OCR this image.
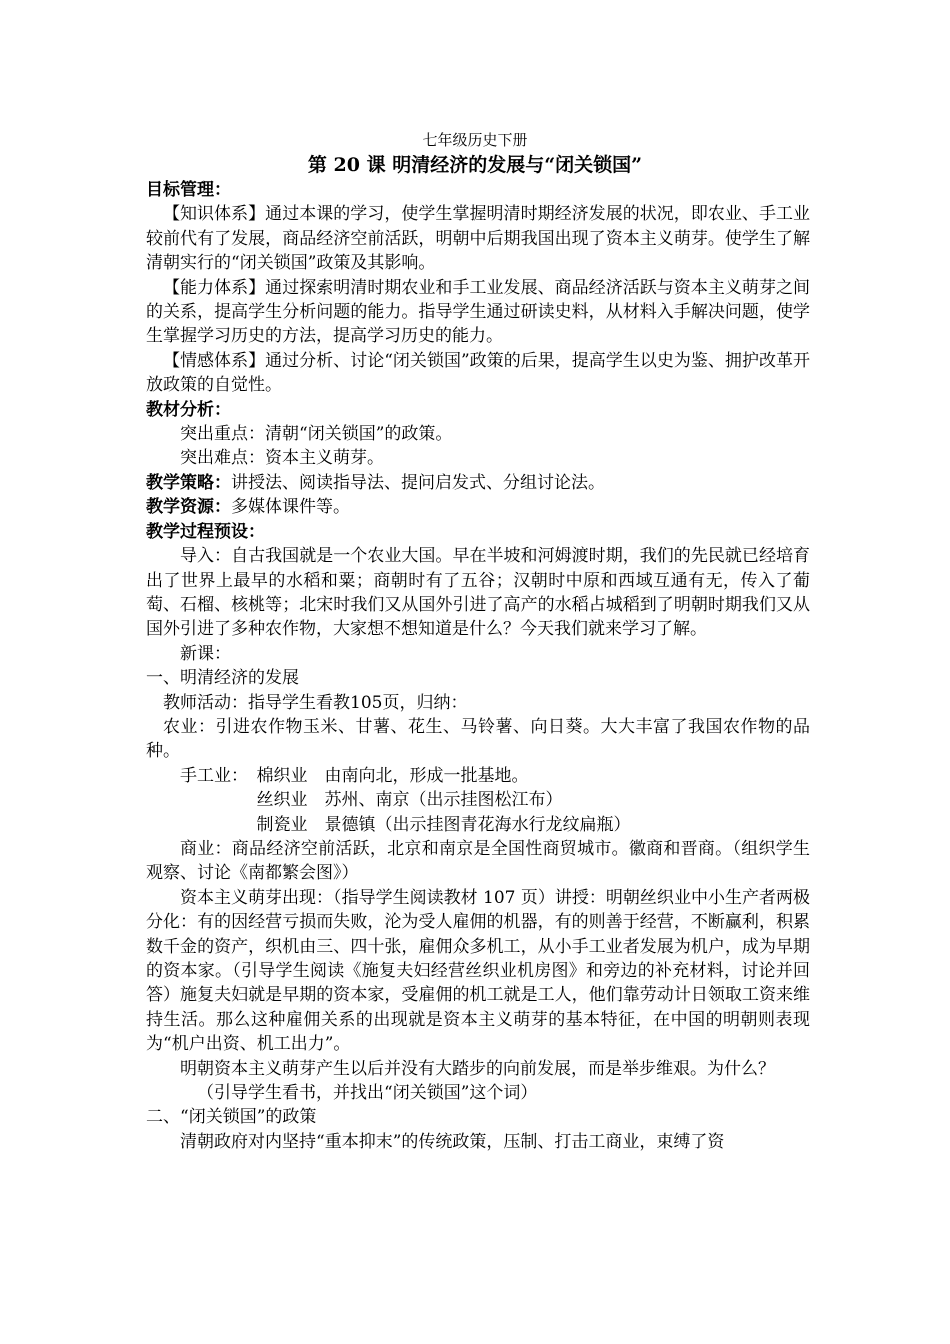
七年级历史下册
第 20 课 明清经济的发展与“闭关锁国”

目标管理：

【知识体系】通过本课的学习，使学生掌握明清时期经济发展的状况，即农业、手工业较前代有了发展，商品经济空前活跃，明朝中后期我国出现了资本主义萌芽。使学生了解清朝实行的“闭关锁国”政策及其影响。

【能力体系】通过探索明清时期农业和手工业发展、商品经济活跃与资本主义萌芽之间的关系，提高学生分析问题的能力。指导学生通过研读史料，从材料入手解决问题，使学生掌握学习历史的方法，提高学习历史的能力。

【情感体系】通过分析、讨论“闭关锁国”政策的后果，提高学生以史为鉴、拥护改革开放政策的自觉性。

教材分析：

突出重点：清朝“闭关锁国”的政策。

突出难点：资本主义萌芽。

教学策略：讲授法、阅读指导法、提问启发式、分组讨论法。

教学资源：多媒体课件等。

教学过程预设：

导入：自古我国就是一个农业大国。早在半坡和河姆渡时期，我们的先民就已经培育出了世界上最早的水稻和粟；商朝时有了五谷；汉朝时中原和西域互通有无，传入了葡萄、石榴、核桃等；北宋时我们又从国外引进了高产的水稻占城稻到了明朝时期我们又从国外引进了多种农作物，大家想不想知道是什么？今天我们就来学习了解。

新课：

一、明清经济的发展

教师活动：指导学生看教105页，归纳：

农业：引进农作物玉米、甘薯、花生、马铃薯、向日葵。大大丰富了我国农作物的品种。

手工业： 棉织业	由南向北，形成一批基地。
丝织业	苏州、南京（出示挂图松江布）
制瓷业	景德镇（出示挂图青花海水行龙纹扁瓶）

商业：商品经济空前活跃，北京和南京是全国性商贸城市。徽商和晋商。（组织学生观察、讨论《南都繁会图》）

资本主义萌芽出现：（指导学生阅读教材 107 页）讲授：明朝丝织业中小生产者两极分化：有的因经营亏损而失败，沦为受人雇佣的机器，有的则善于经营，不断赢利，积累数千金的资产，织机由三、四十张，雇佣众多机工，从小手工业者发展为机户，成为早期的资本家。（引导学生阅读《施复夫妇经营丝织业机房图》和旁边的补充材料，讨论并回答）施复夫妇就是早期的资本家，受雇佣的机工就是工人，他们靠劳动计日领取工资来维持生活。那么这种雇佣关系的出现就是资本主义萌芽的基本特征，在中国的明朝则表现为“机户出资、机工出力”。

明朝资本主义萌芽产生以后并没有大踏步的向前发展，而是举步维艰。为什么？

（引导学生看书，并找出“闭关锁国”这个词）

二、“闭关锁国”的政策

清朝政府对内坚持“重本抑末”的传统政策，压制、打击工商业，束缚了资
